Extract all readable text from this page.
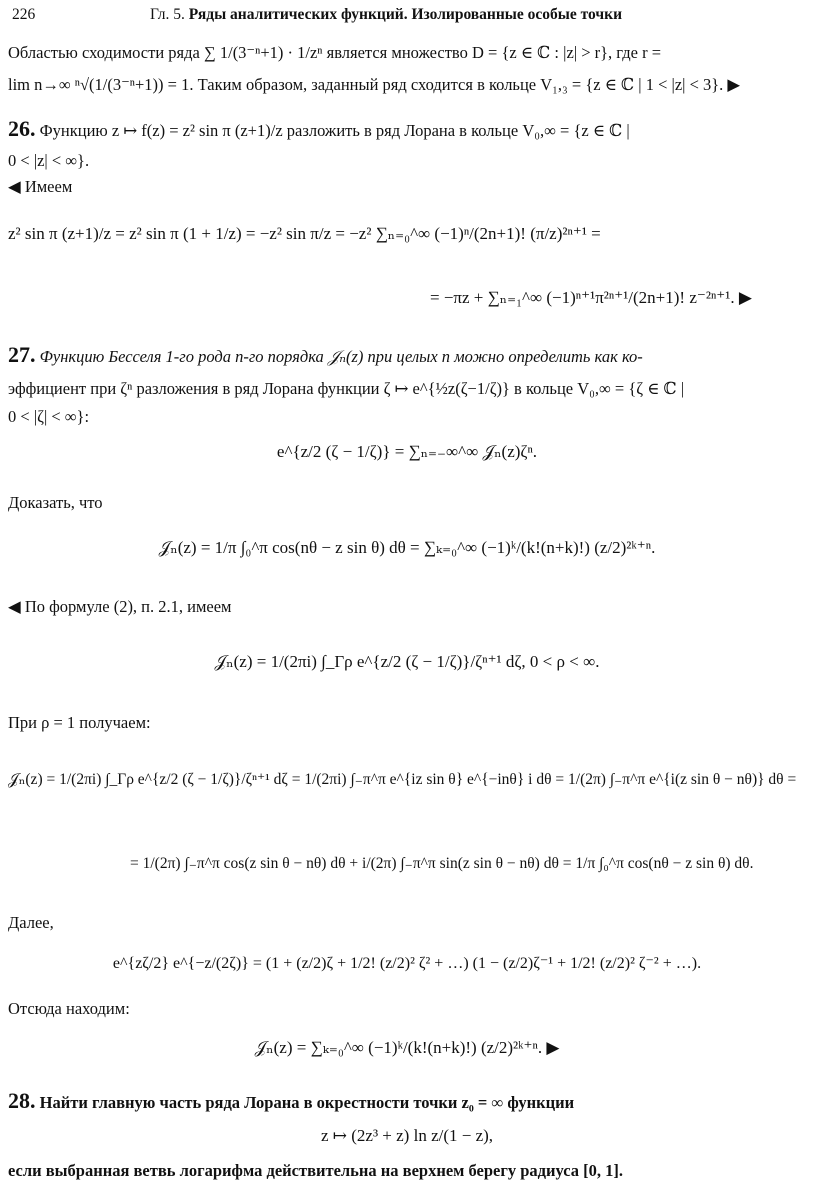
226	Гл. 5. Ряды аналитических функций. Изолированные особые точки
Областью сходимости ряда ∑ 1/(3⁻ⁿ+1) · 1/zⁿ является множество D = {z ∈ ℂ : |z| > r}, где r =
lim n→∞ ⁿ√(1/(3⁻ⁿ+1)) = 1. Таким образом, заданный ряд сходится в кольце V₁,₃ = {z ∈ ℂ | 1 < |z| < 3}. ▶
26. Функцию z ↦ f(z) = z² sin π (z+1)/z разложить в ряд Лорана в кольце V₀,∞ = {z ∈ ℂ |
0 < |z| < ∞}.
◀ Имеем
z² sin π (z+1)/z = z² sin π (1 + 1/z) = −z² sin π/z = −z² ∑ₙ₌₀^∞ (−1)ⁿ/(2n+1)! (π/z)²ⁿ⁺¹ =
= −πz + ∑ₙ₌₁^∞ (−1)ⁿ⁺¹π²ⁿ⁺¹/(2n+1)! z⁻²ⁿ⁺¹. ▶
27. Функцию Бесселя 1-го рода n-го порядка 𝒥ₙ(z) при целых n можно определить как ко-
эффициент при ζⁿ разложения в ряд Лорана функции ζ ↦ e^{½z(ζ−1/ζ)} в кольце V₀,∞ = {ζ ∈ ℂ |
0 < |ζ| < ∞}:
e^{z/2 (ζ − 1/ζ)} = ∑ₙ₌₋∞^∞ 𝒥ₙ(z)ζⁿ.
Доказать, что
𝒥ₙ(z) = 1/π ∫₀^π cos(nθ − z sin θ) dθ = ∑ₖ₌₀^∞ (−1)ᵏ/(k!(n+k)!) (z/2)²ᵏ⁺ⁿ.
◀ По формуле (2), п. 2.1, имеем
𝒥ₙ(z) = 1/(2πi) ∫_Γρ e^{z/2 (ζ − 1/ζ)}/ζⁿ⁺¹ dζ, 0 < ρ < ∞.
При ρ = 1 получаем:
𝒥ₙ(z) = 1/(2πi) ∫_Γρ e^{z/2 (ζ − 1/ζ)}/ζⁿ⁺¹ dζ = 1/(2πi) ∫₋π^π e^{iz sin θ} e^{−inθ} i dθ = 1/(2π) ∫₋π^π e^{i(z sin θ − nθ)} dθ =
= 1/(2π) ∫₋π^π cos(z sin θ − nθ) dθ + i/(2π) ∫₋π^π sin(z sin θ − nθ) dθ = 1/π ∫₀^π cos(nθ − z sin θ) dθ.
Далее,
e^{zζ/2} e^{−z/(2ζ)} = (1 + (z/2)ζ + 1/2! (z/2)² ζ² + …) (1 − (z/2)ζ⁻¹ + 1/2! (z/2)² ζ⁻² + …).
Отсюда находим:
𝒥ₙ(z) = ∑ₖ₌₀^∞ (−1)ᵏ/(k!(n+k)!) (z/2)²ᵏ⁺ⁿ. ▶
28. Найти главную часть ряда Лорана в окрестности точки z₀ = ∞ функции
z ↦ (2z³ + z) ln z/(1 − z),
если выбранная ветвь логарифма действительна на верхнем берегу радиуса [0, 1].
